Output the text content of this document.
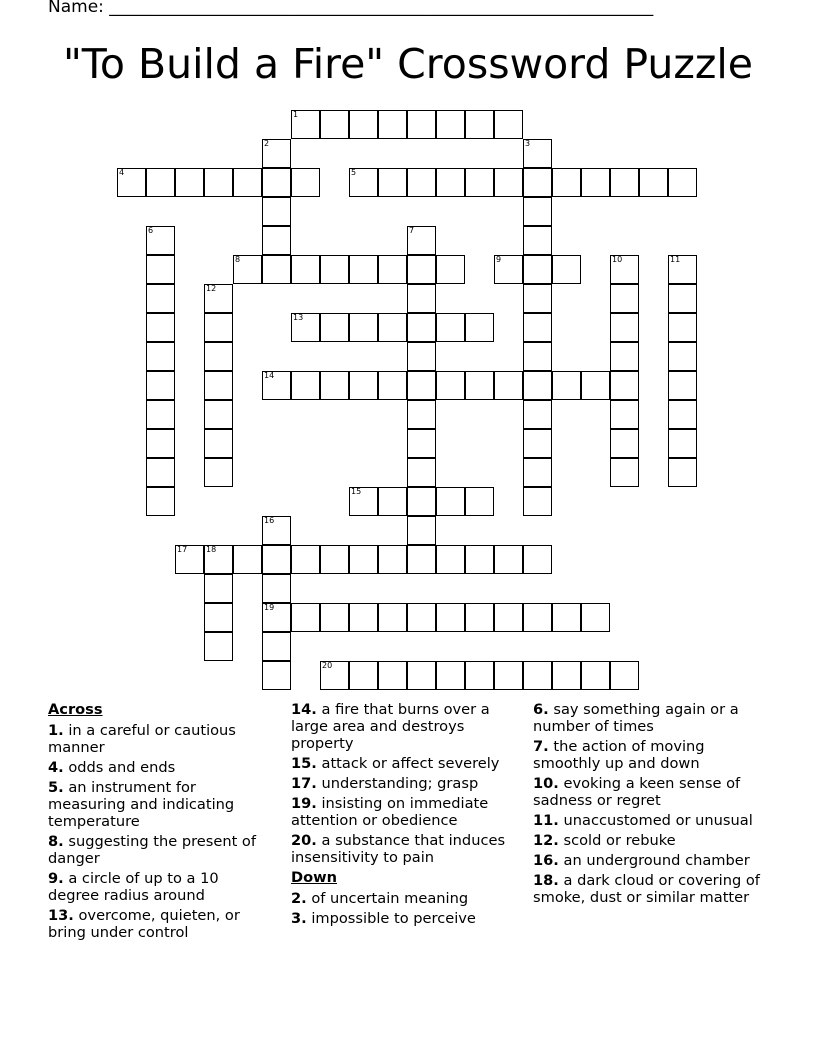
Name: ________________________________________________________________
"To Build a Fire" Crossword Puzzle
1
4	5
8	9
13
14
15
17 18
19
20
2	3
6	7
10	11
12
16
Across
1. in a careful or cautious manner
4. odds and ends
5. an instrument for measuring and indicating temperature
8. suggesting the present of danger
9. a circle of up to a 10 degree radius around
13. overcome, quieten, or bring under control
14. a fire that burns over a large area and destroys property
15. attack or affect severely
17. understanding; grasp
19. insisting on immediate attention or obedience
20. a substance that induces insensitivity to pain
Down
2. of uncertain meaning
3. impossible to perceive
6. say something again or a number of times
7. the action of moving smoothly up and down
10. evoking a keen sense of sadness or regret
11. unaccustomed or unusual
12. scold or rebuke
16. an underground chamber
18. a dark cloud or covering of smoke, dust or similar matter
